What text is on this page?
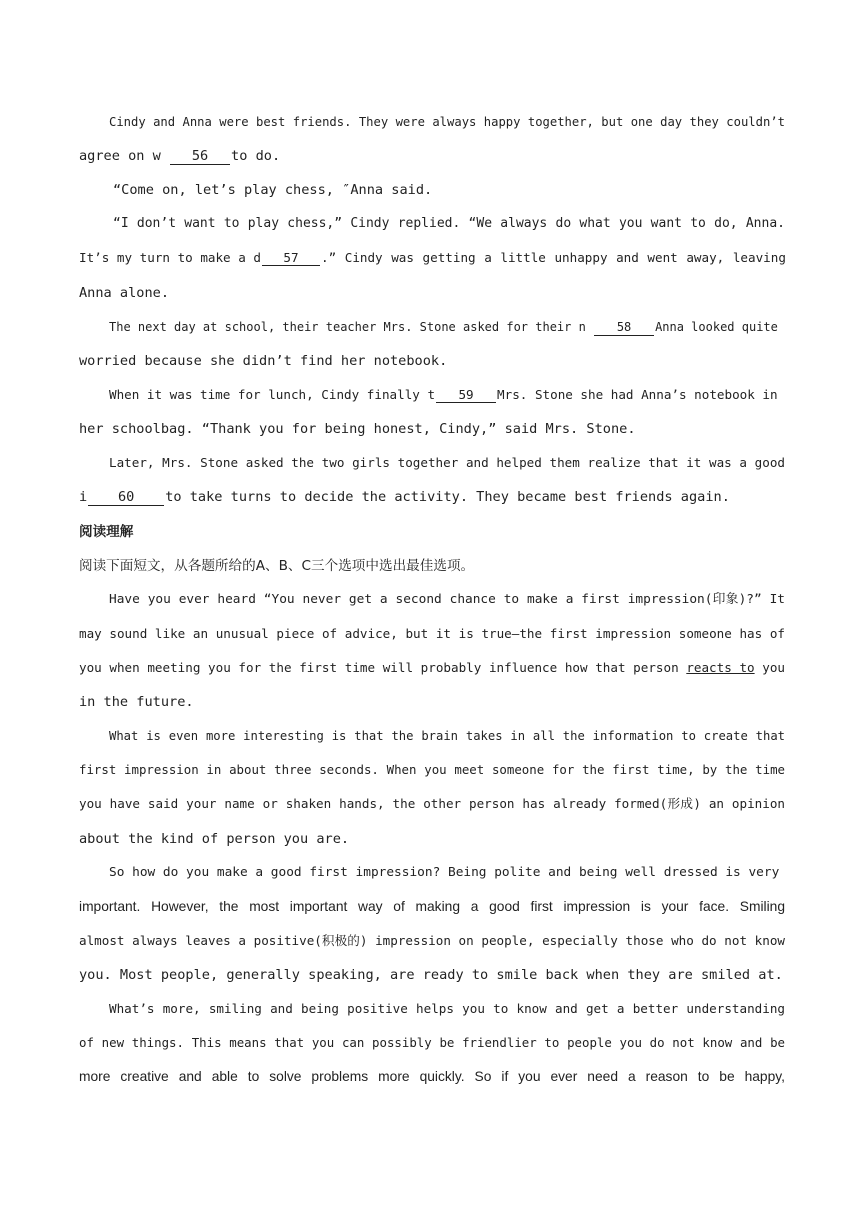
Cindy and Anna were best friends. They were always happy together, but one day they couldn’t
agree on w 56 to do.
“Come on, let’s play chess, ″Anna said.
“I don’t want to play chess,” Cindy replied. “We always do what you want to do, Anna.
It’s my turn to make a d 57 .” Cindy was getting a little unhappy and went away, leaving
Anna alone.
The next day at school, their teacher Mrs. Stone asked for their n	58 Anna looked quite
worried because she didn’t find her notebook.
When it was time for lunch, Cindy finally t 59 Mrs. Stone she had Anna’s notebook in
her schoolbag. “Thank you for being honest, Cindy,” said Mrs. Stone.
Later, Mrs. Stone asked the two girls together and helped them realize that it was a good
i 60 to take turns to decide the activity. They became best friends again.
阅读理解
阅读下面短文，从各题所给的A、B、C三个选项中选出最佳选项。
Have you ever heard “You never get a second chance to make a first impression(印象)?” It
may sound like an unusual piece of advice, but it is true—the first impression someone has of
you when meeting you for the first time will probably influence how that person reacts to you
in the future.
What is even more interesting is that the brain takes in all the information to create that
first impression in about three seconds. When you meet someone for the first time, by the time
you have said your name or shaken hands, the other person has already formed(形成) an opinion
about the kind of person you are.
So how do you make a good first impression? Being polite and being well dressed is very
important. However, the most important way of making a good first impression is your face. Smiling
almost always leaves a positive(积极的) impression on people, especially those who do not know
you. Most people, generally speaking, are ready to smile back when they are smiled at.
What’s more, smiling and being positive helps you to know and get a better understanding
of new things. This means that you can possibly be friendlier to people you do not know and be
more creative and able to solve problems more quickly. So if you ever need a reason to be happy,
